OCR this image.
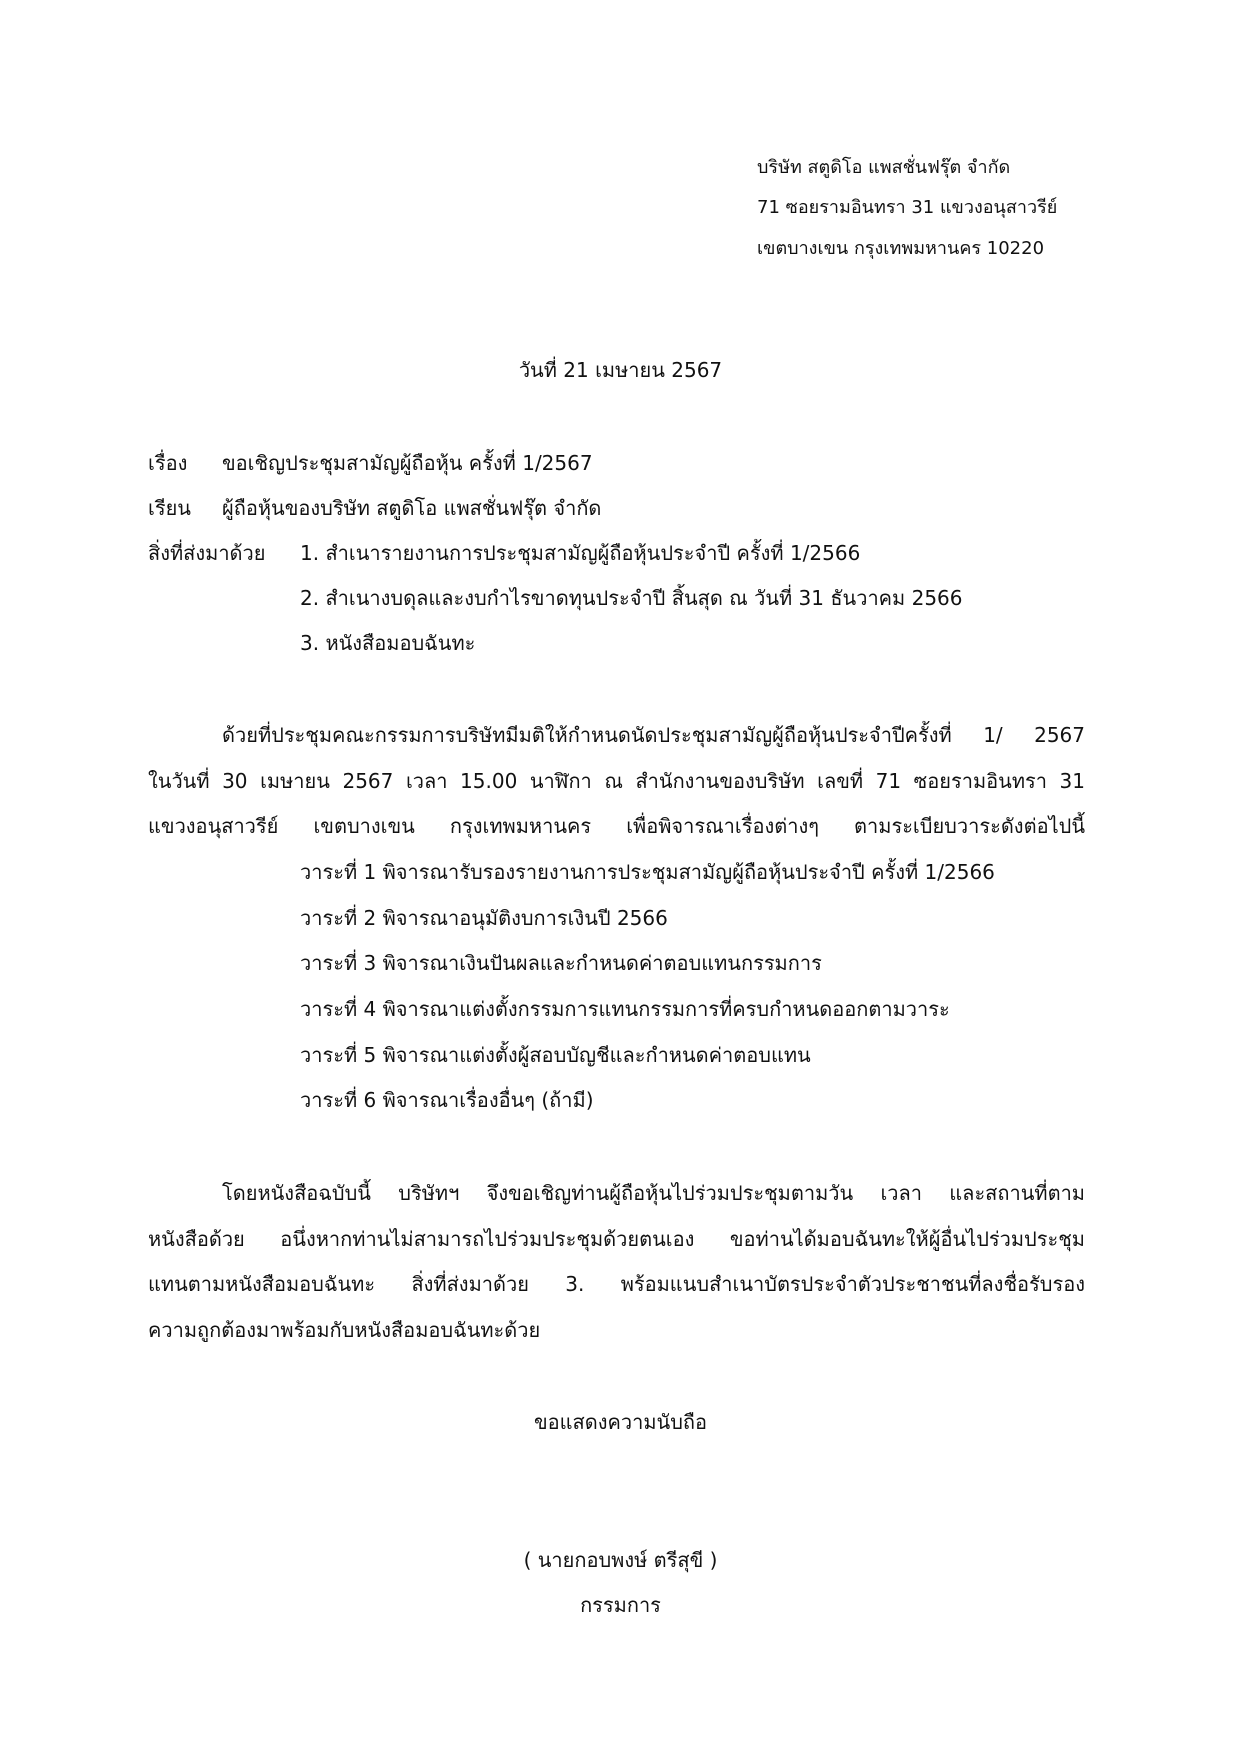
บริษัท สตูดิโอ แพสชั่นฟรุ๊ต จำกัด
71 ซอยรามอินทรา 31 แขวงอนุสาวรีย์
เขตบางเขน กรุงเทพมหานคร 10220
วันที่ 21 เมษายน 2567
เรื่อง ขอเชิญประชุมสามัญผู้ถือหุ้น ครั้งที่ 1/2567
เรียน ผู้ถือหุ้นของบริษัท สตูดิโอ แพสชั่นฟรุ๊ต จำกัด
สิ่งที่ส่งมาด้วย 1. สำเนารายงานการประชุมสามัญผู้ถือหุ้นประจำปี ครั้งที่ 1/2566
2. สำเนางบดุลและงบกำไรขาดทุนประจำปี สิ้นสุด ณ วันที่ 31 ธันวาคม 2566
3. หนังสือมอบฉันทะ
ด้วยที่ประชุมคณะกรรมการบริษัทมีมติให้กำหนดนัดประชุมสามัญผู้ถือหุ้นประจำปีครั้งที่ 1/ 2567
ในวันที่ 30 เมษายน 2567 เวลา 15.00 นาฬิกา ณ สำนักงานของบริษัท เลขที่ 71 ซอยรามอินทรา 31
แขวงอนุสาวรีย์ เขตบางเขน กรุงเทพมหานคร เพื่อพิจารณาเรื่องต่างๆ ตามระเบียบวาระดังต่อไปนี้
วาระที่ 1 พิจารณารับรองรายงานการประชุมสามัญผู้ถือหุ้นประจำปี ครั้งที่ 1/2566
วาระที่ 2 พิจารณาอนุมัติงบการเงินปี 2566
วาระที่ 3 พิจารณาเงินปันผลและกำหนดค่าตอบแทนกรรมการ
วาระที่ 4 พิจารณาแต่งตั้งกรรมการแทนกรรมการที่ครบกำหนดออกตามวาระ
วาระที่ 5 พิจารณาแต่งตั้งผู้สอบบัญชีและกำหนดค่าตอบแทน
วาระที่ 6 พิจารณาเรื่องอื่นๆ (ถ้ามี)
โดยหนังสือฉบับนี้ บริษัทฯ จึงขอเชิญท่านผู้ถือหุ้นไปร่วมประชุมตามวัน เวลา และสถานที่ตาม
หนังสือด้วย อนึ่งหากท่านไม่สามารถไปร่วมประชุมด้วยตนเอง ขอท่านได้มอบฉันทะให้ผู้อื่นไปร่วมประชุม
แทนตามหนังสือมอบฉันทะ สิ่งที่ส่งมาด้วย 3. พร้อมแนบสำเนาบัตรประจำตัวประชาชนที่ลงชื่อรับรอง
ความถูกต้องมาพร้อมกับหนังสือมอบฉันทะด้วย
ขอแสดงความนับถือ
( นายกอบพงษ์ ตรีสุขี )
กรรมการ
